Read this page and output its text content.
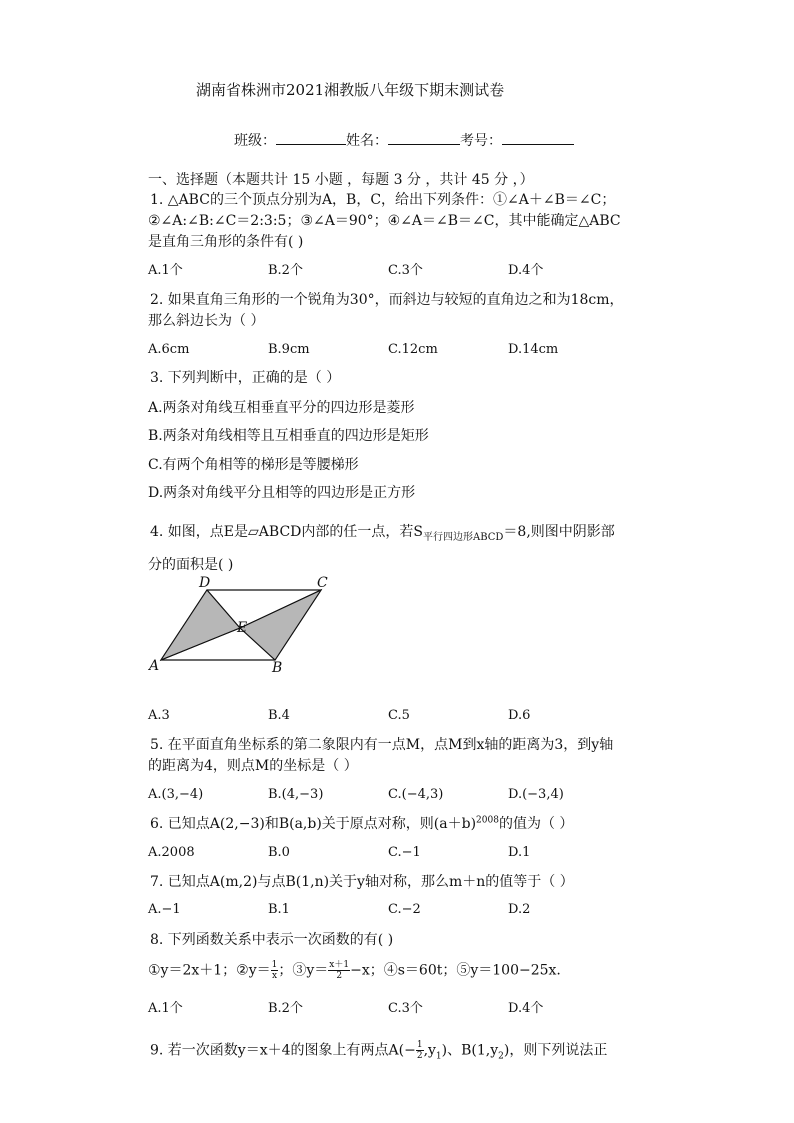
湖南省株洲市2021湘教版八年级下期末测试卷
班级：	姓名：	考号：
一、选择题（本题共计 15 小题 ，每题 3 分 ，共计 45 分 ，）
1. △ABC的三个顶点分别为A，B，C，给出下列条件：①∠A＋∠B＝∠C；
②∠A:∠B:∠C＝2:3:5；③∠A＝90°；④∠A＝∠B＝∠C，其中能确定△ABC
是直角三角形的条件有( )
A.1个	B.2个	C.3个	D.4个
2. 如果直角三角形的一个锐角为30°，而斜边与较短的直角边之和为18cm，
那么斜边长为（ ）
A.6cm	B.9cm	C.12cm	D.14cm
3. 下列判断中，正确的是（ ）
A.两条对角线互相垂直平分的四边形是菱形
B.两条对角线相等且互相垂直的四边形是矩形
C.有两个角相等的梯形是等腰梯形
D.两条对角线平分且相等的四边形是正方形
4. 如图，点E是▱ABCD内部的任一点，若$S_{平行四边形ABCD}=8$,则图中阴影部
分的面积是( )
D	C
E
A	B
A.3	B.4	C.5	D.6
5. 在平面直角坐标系的第二象限内有一点M，点M到x轴的距离为3，到y轴
的距离为4，则点M的坐标是（ ）
A.(3,−4)	B.(4,−3)	C.(−4,3)	D.(−3,4)
6. 已知点A(2,−3)和B(a,b)关于原点对称，则$(a+b)^{2008}$的值为（ ）
A.2008	B.0	C.−1	D.1
7. 已知点A(m,2)与点B(1,n)关于y轴对称，那么m＋n的值等于（ ）
A.−1	B.1	C.−2	D.2
8. 下列函数关系中表示一次函数的有( )
①y＝2x＋1；②y＝ $\frac{1}{x}$ ；③y＝ $\frac{x+1}{2} -x$；④s＝60t；⑤y＝100−25x.
A.1个	B.2个	C.3个	D.4个
9. 若一次函数y＝x＋4的图象上有两点$A(- \frac{1}{2} ,y_1)$、$B(1,y_2)$，则下列说法正
